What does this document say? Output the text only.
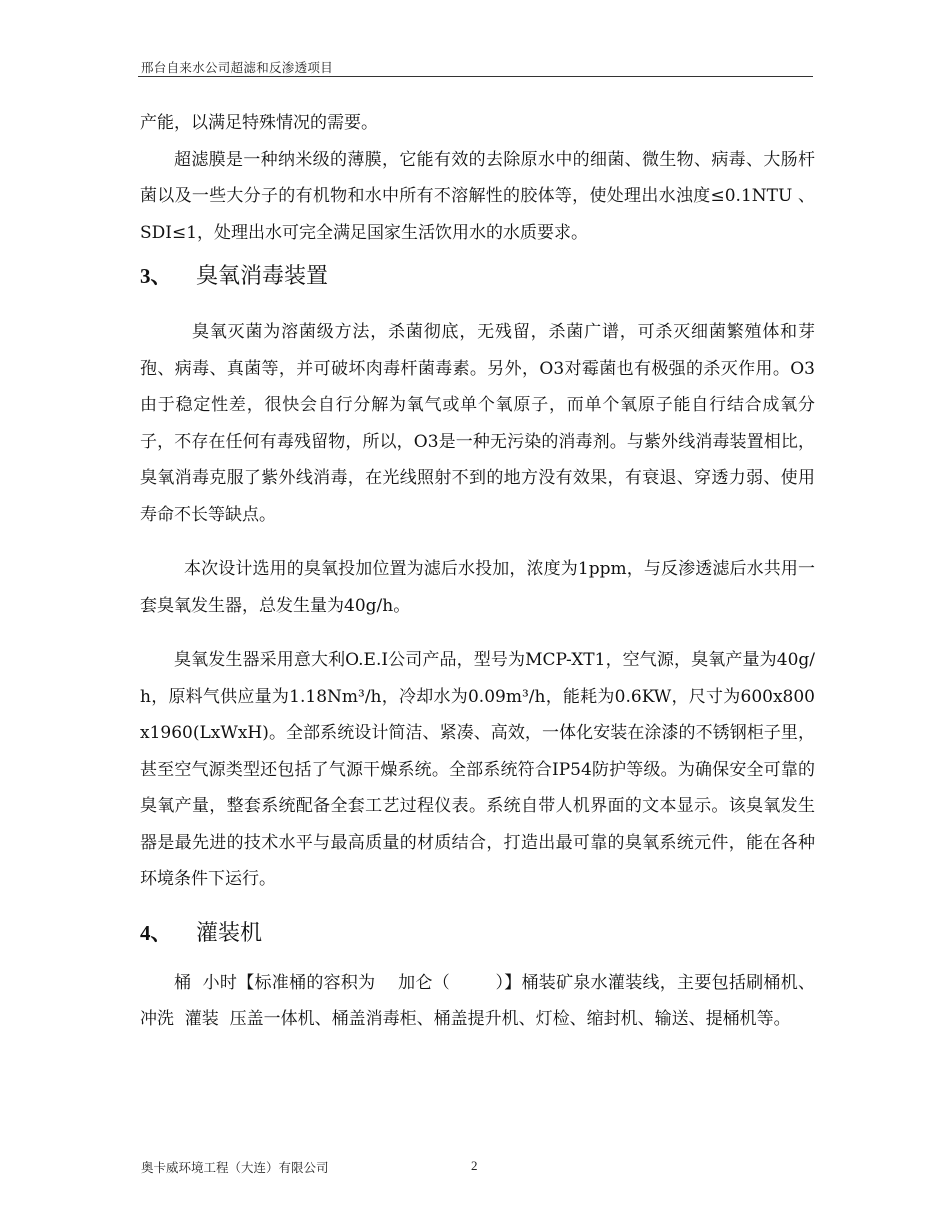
邢台自来水公司超滤和反渗透项目

产能，以满足特殊情况的需要。

超滤膜是一种纳米级的薄膜，它能有效的去除原水中的细菌、微生物、病毒、大肠杆菌以及一些大分子的有机物和水中所有不溶解性的胶体等，使处理出水浊度≤0.1NTU 、SDI≤1，处理出水可完全满足国家生活饮用水的水质要求。

3、	臭氧消毒装置

臭氧灭菌为溶菌级方法，杀菌彻底，无残留，杀菌广谱，可杀灭细菌繁殖体和芽孢、病毒、真菌等，并可破坏肉毒杆菌毒素。另外，O3对霉菌也有极强的杀灭作用。O3由于稳定性差，很快会自行分解为氧气或单个氧原子，而单个氧原子能自行结合成氧分子，不存在任何有毒残留物，所以，O3是一种无污染的消毒剂。与紫外线消毒装置相比，臭氧消毒克服了紫外线消毒，在光线照射不到的地方没有效果，有衰退、穿透力弱、使用寿命不长等缺点。

本次设计选用的臭氧投加位置为滤后水投加，浓度为1ppm，与反渗透滤后水共用一套臭氧发生器，总发生量为40g/h。

臭氧发生器采用意大利O.E.I公司产品，型号为MCP-XT1，空气源，臭氧产量为40g/h，原料气供应量为1.18Nm³/h，冷却水为0.09m³/h，能耗为0.6KW，尺寸为600x800x1960(LxWxH)。全部系统设计简洁、紧凑、高效，一体化安装在涂漆的不锈钢柜子里，甚至空气源类型还包括了气源干燥系统。全部系统符合IP54防护等级。为确保安全可靠的臭氧产量，整套系统配备全套工艺过程仪表。系统自带人机界面的文本显示。该臭氧发生器是最先进的技术水平与最高质量的材质结合，打造出最可靠的臭氧系统元件，能在各种环境条件下运行。

4、	灌装机

桶  小时【标准桶的容积为    加仑（        ）】桶装矿泉水灌装线，主要包括刷桶机、冲洗  灌装  压盖一体机、桶盖消毒柜、桶盖提升机、灯检、缩封机、输送、提桶机等。

奥卡威环境工程（大连）有限公司	2
